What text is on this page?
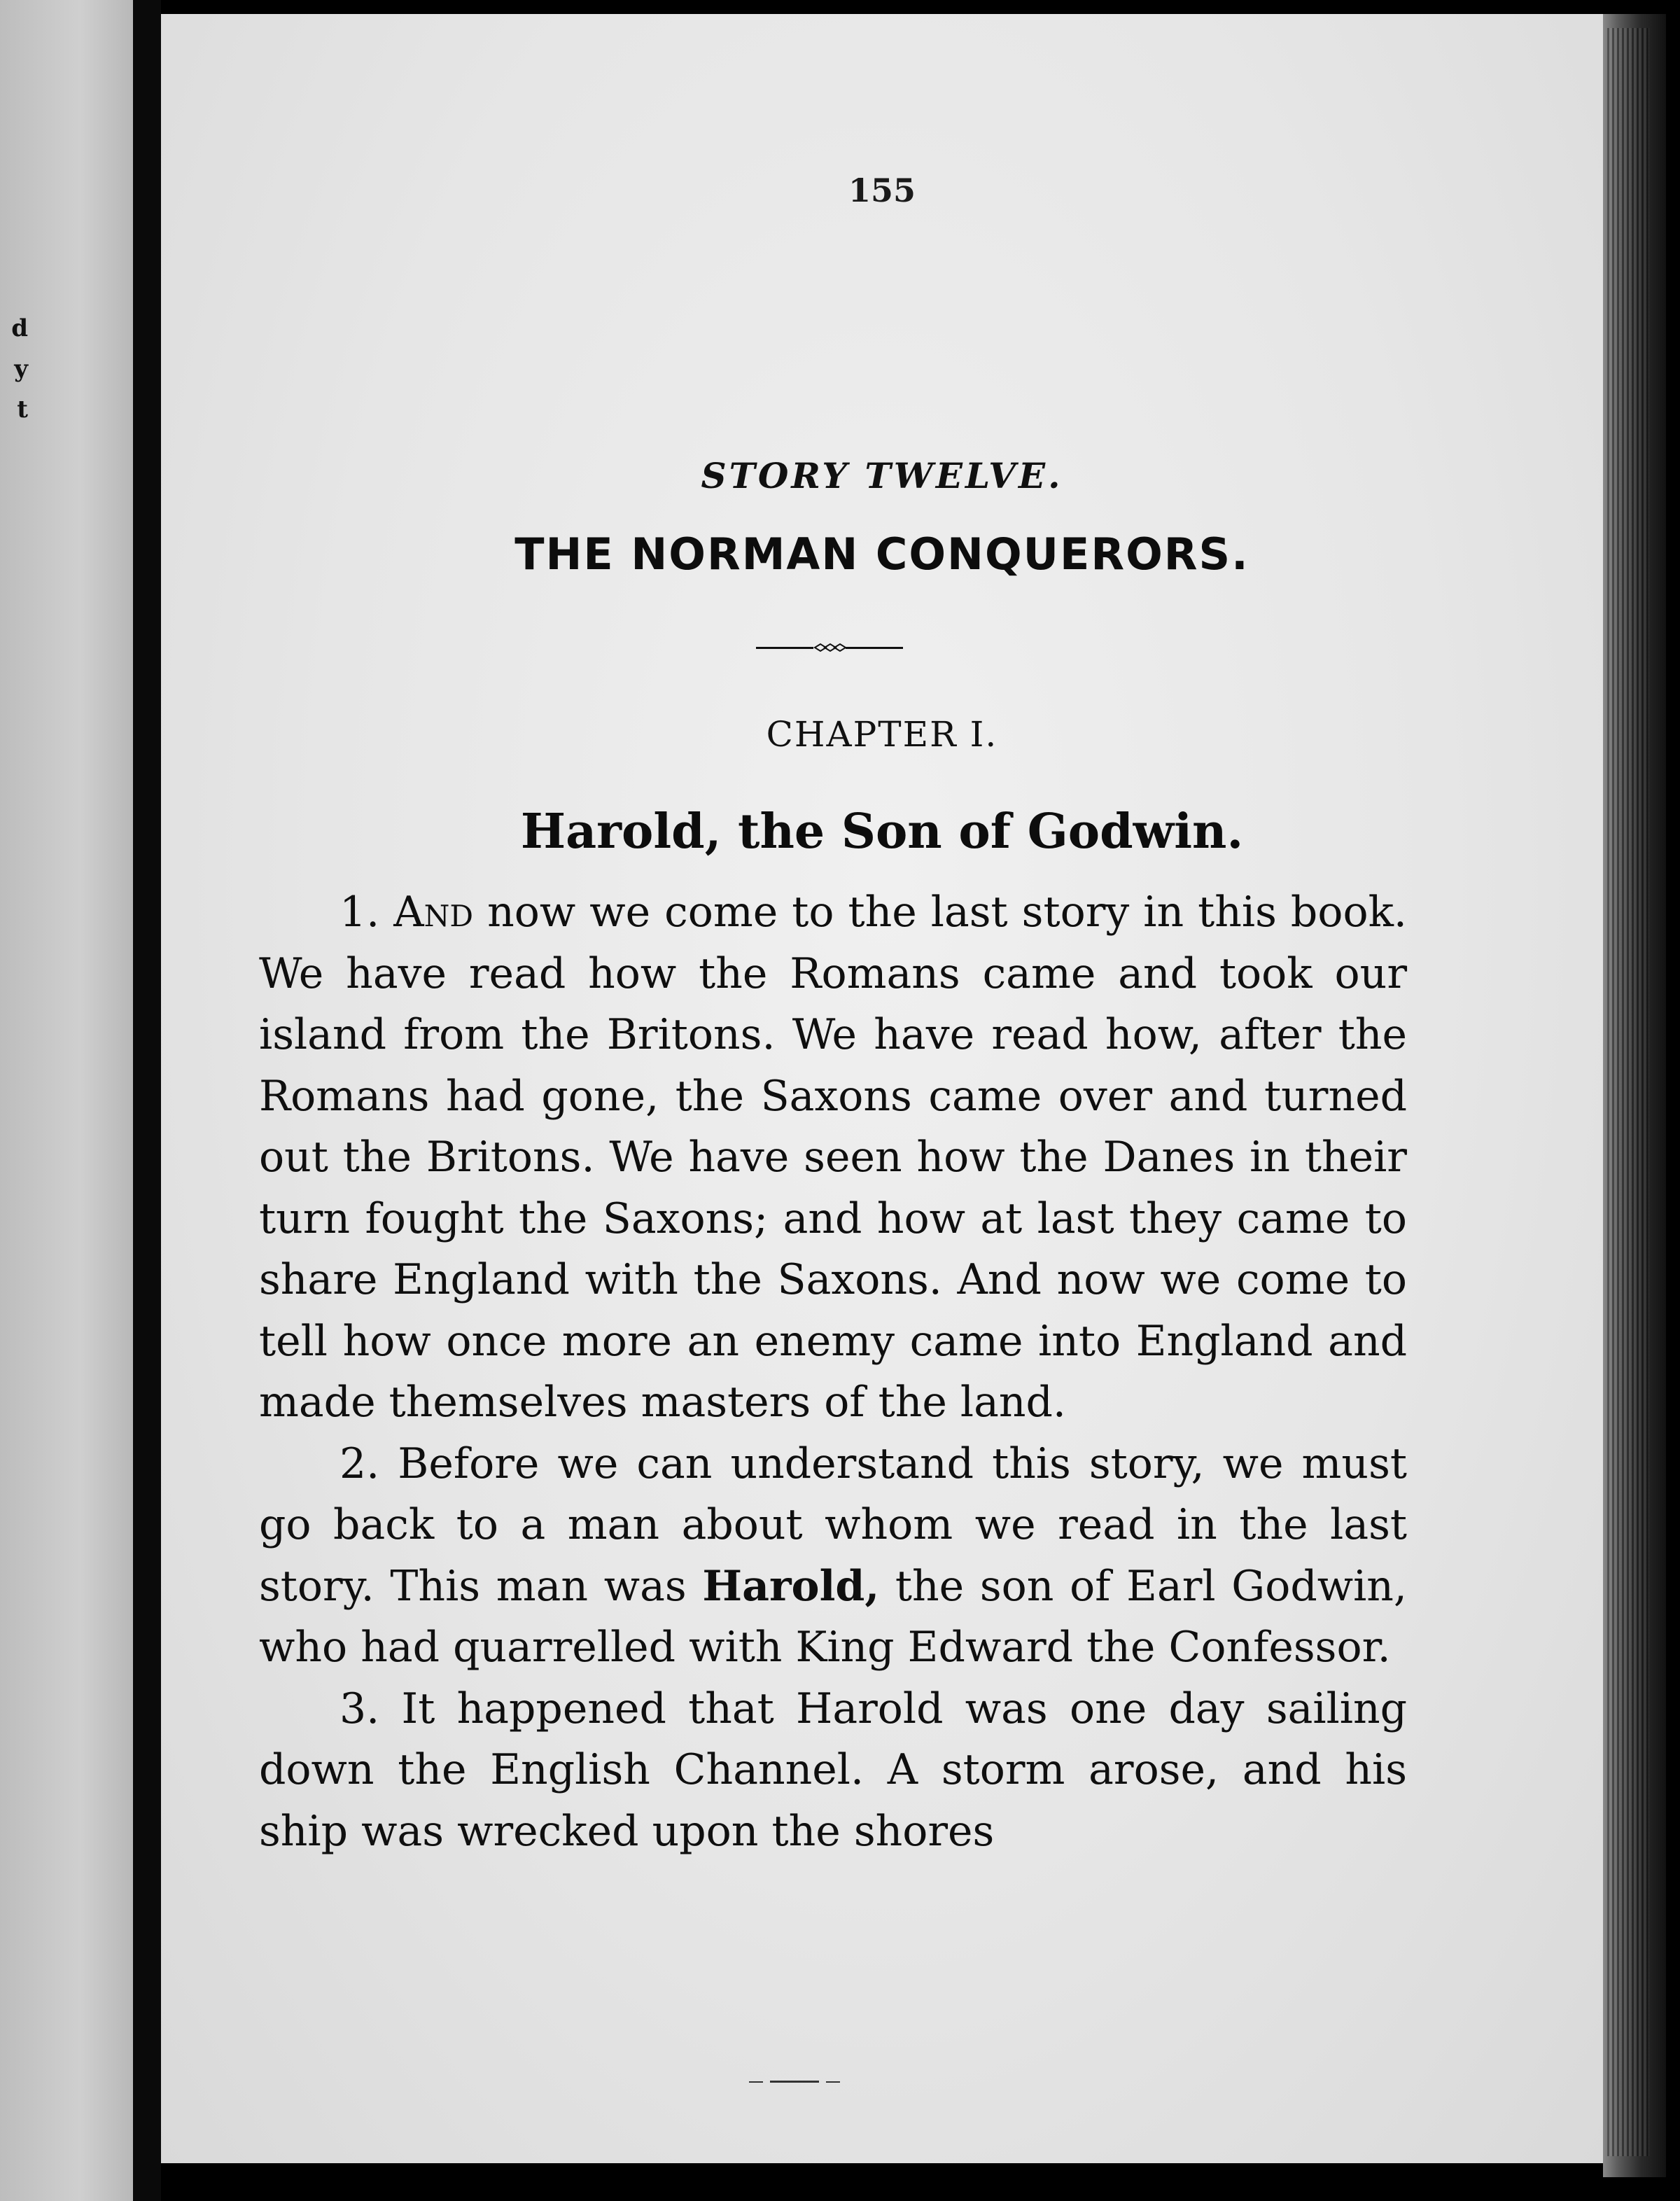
d
y
t
155
STORY TWELVE.
THE NORMAN CONQUERORS.
CHAPTER I.
Harold, the Son of Godwin.

1. And now we come to the last story in this book. We have read how the Romans came and took our island from the Britons. We have read how, after the Romans had gone, the Saxons came over and turned out the Britons. We have seen how the Danes in their turn fought the Saxons; and how at last they came to share England with the Saxons. And now we come to tell how once more an enemy came into England and made themselves masters of the land.

2. Before we can understand this story, we must go back to a man about whom we read in the last story. This man was Harold, the son of Earl Godwin, who had quarrelled with King Edward the Confessor.

3. It happened that Harold was one day sailing down the English Channel. A storm arose, and his ship was wrecked upon the shores
